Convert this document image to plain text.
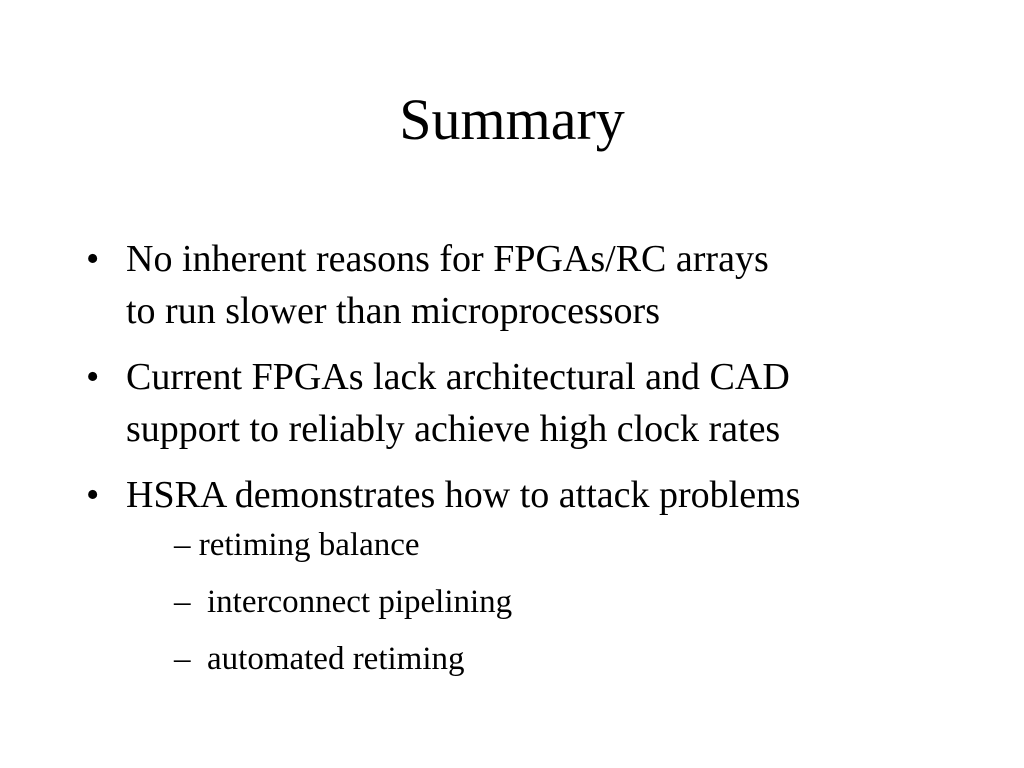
Summary
• No inherent reasons for FPGAs/RC arrays
to run slower than microprocessors
• Current FPGAs lack architectural and CAD
support to reliably achieve high clock rates
• HSRA demonstrates how to attack problems
– retiming balance
–  interconnect pipelining
–  automated retiming
